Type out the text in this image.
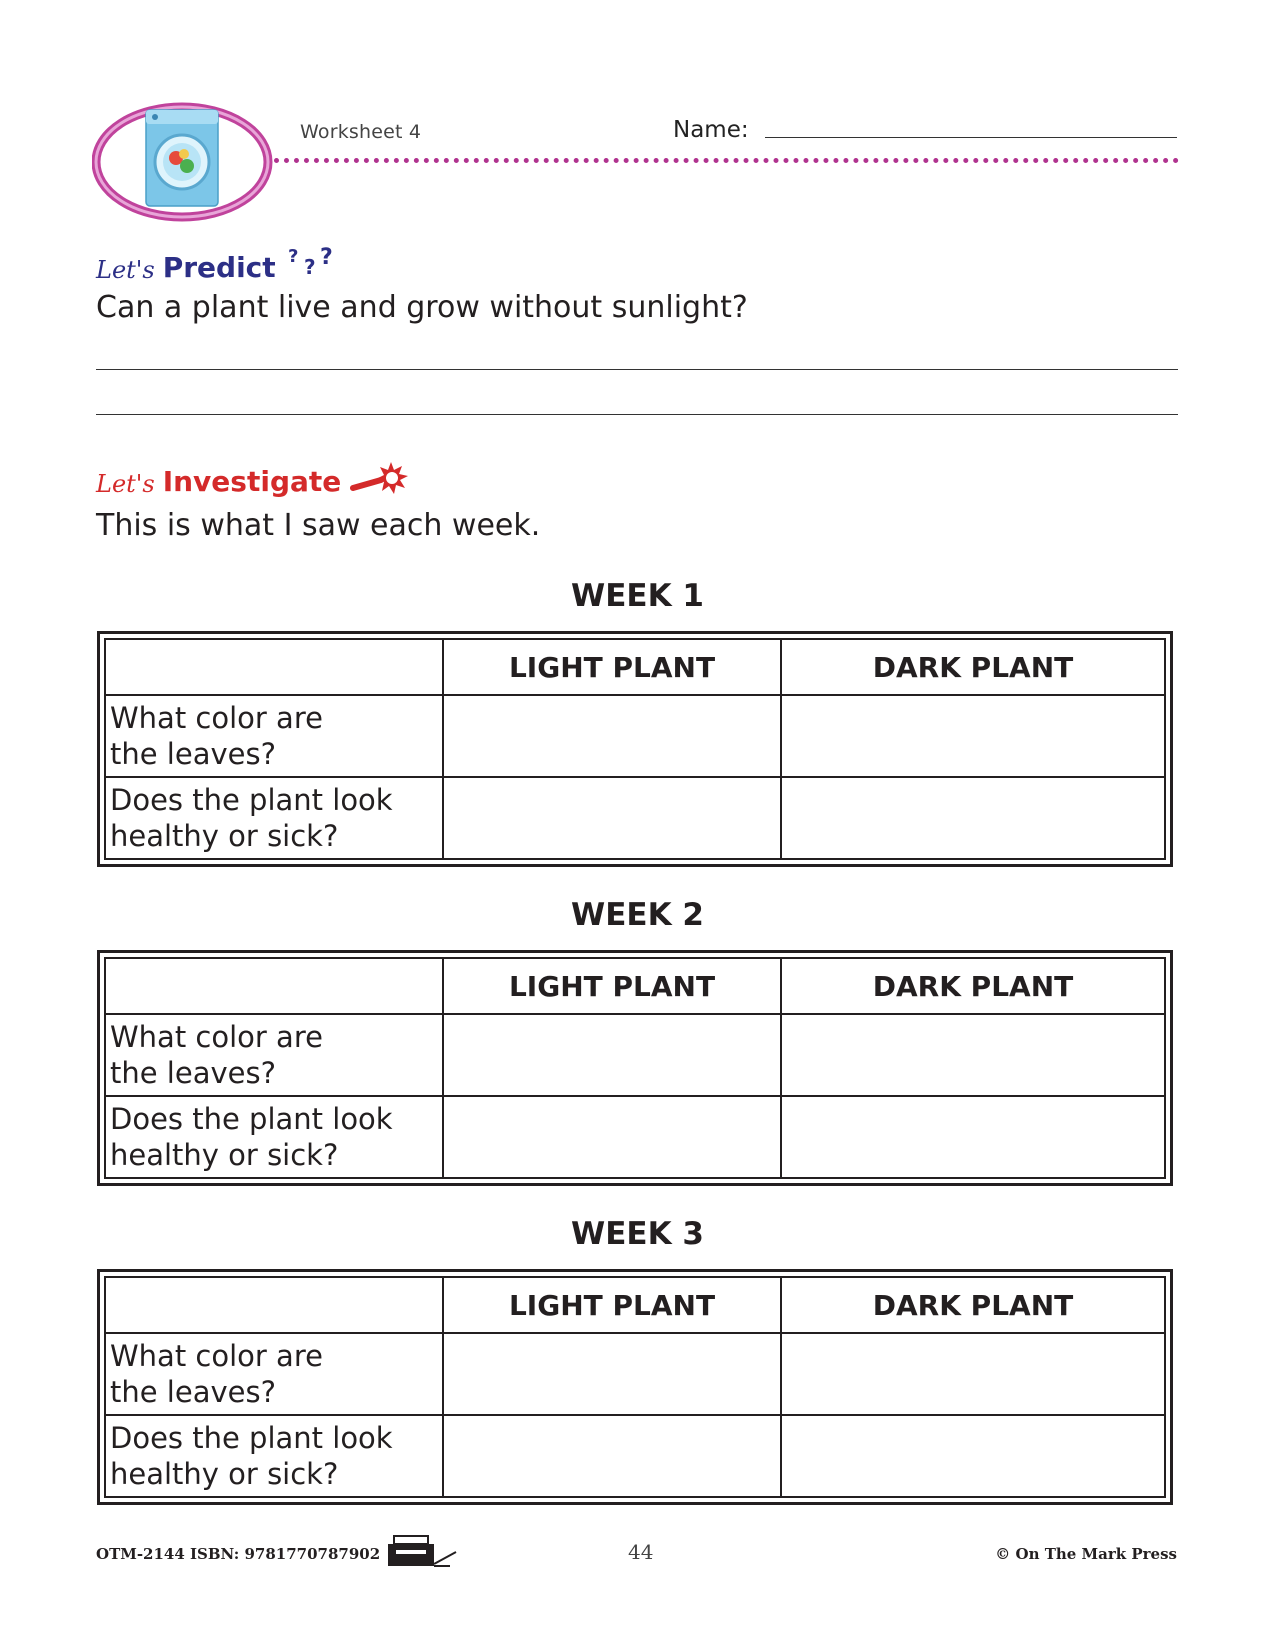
Worksheet 4	Name:
Let's Predict ? ? ?
Can a plant live and grow without sunlight?
Let's Investigate
This is what I saw each week.
WEEK 1
	LIGHT PLANT	DARK PLANT

What color are
the leaves?		

Does the plant look
healthy or sick?		

WEEK 2
	LIGHT PLANT	DARK PLANT

What color are
the leaves?		

Does the plant look
healthy or sick?		

WEEK 3
	LIGHT PLANT	DARK PLANT

What color are
the leaves?		

Does the plant look
healthy or sick?		

OTM-2144 ISBN: 9781770787902	44	© On The Mark Press
